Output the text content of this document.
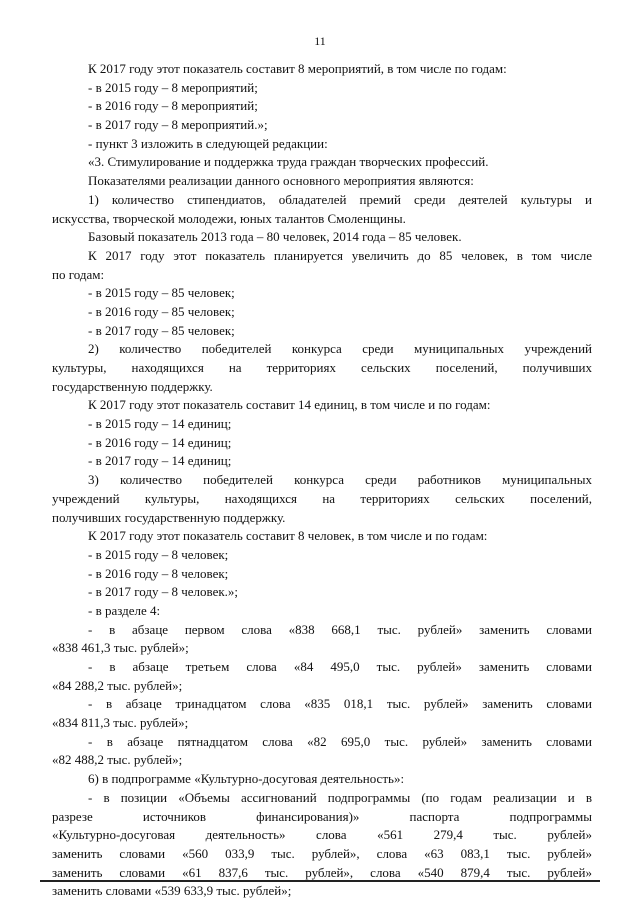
11
К 2017 году этот показатель составит 8 мероприятий, в том числе по годам:
- в 2015 году – 8 мероприятий;
- в 2016 году – 8 мероприятий;
- в 2017 году – 8 мероприятий.»;
- пункт 3 изложить в следующей редакции:
«3. Стимулирование и поддержка труда граждан творческих профессий.
Показателями реализации данного основного мероприятия являются:
1) количество стипендиатов, обладателей премий среди деятелей культуры и
искусства, творческой молодежи, юных талантов Смоленщины.
Базовый показатель 2013 года – 80 человек, 2014 года – 85 человек.
К 2017 году этот показатель планируется увеличить до 85 человек, в том числе
по годам:
- в 2015 году – 85 человек;
- в 2016 году – 85 человек;
- в 2017 году – 85 человек;
2) количество победителей конкурса среди муниципальных учреждений
культуры, находящихся на территориях сельских поселений, получивших
государственную поддержку.
К 2017 году этот показатель составит 14 единиц, в том числе и по годам:
- в 2015 году – 14 единиц;
- в 2016 году – 14 единиц;
- в 2017 году – 14 единиц;
3) количество победителей конкурса среди работников муниципальных
учреждений культуры, находящихся на территориях сельских поселений,
получивших государственную поддержку.
К 2017 году этот показатель составит 8 человек, в том числе и по годам:
- в 2015 году – 8 человек;
- в 2016 году – 8 человек;
- в 2017 году – 8 человек.»;
- в разделе 4:
- в абзаце первом слова «838 668,1 тыс. рублей» заменить словами
«838 461,3 тыс. рублей»;
- в абзаце третьем слова «84 495,0 тыс. рублей» заменить словами
«84 288,2 тыс. рублей»;
- в абзаце тринадцатом слова «835 018,1 тыс. рублей» заменить словами
«834 811,3 тыс. рублей»;
- в абзаце пятнадцатом слова «82 695,0 тыс. рублей» заменить словами
«82 488,2 тыс. рублей»;
6) в подпрограмме «Культурно-досуговая деятельность»:
- в позиции «Объемы ассигнований подпрограммы (по годам реализации и в
разрезе источников финансирования)» паспорта подпрограммы
«Культурно-досуговая деятельность» слова «561 279,4 тыс. рублей»
заменить словами «560 033,9 тыс. рублей», слова «63 083,1 тыс. рублей»
заменить словами «61 837,6 тыс. рублей», слова «540 879,4 тыс. рублей»
заменить словами «539 633,9 тыс. рублей»;
